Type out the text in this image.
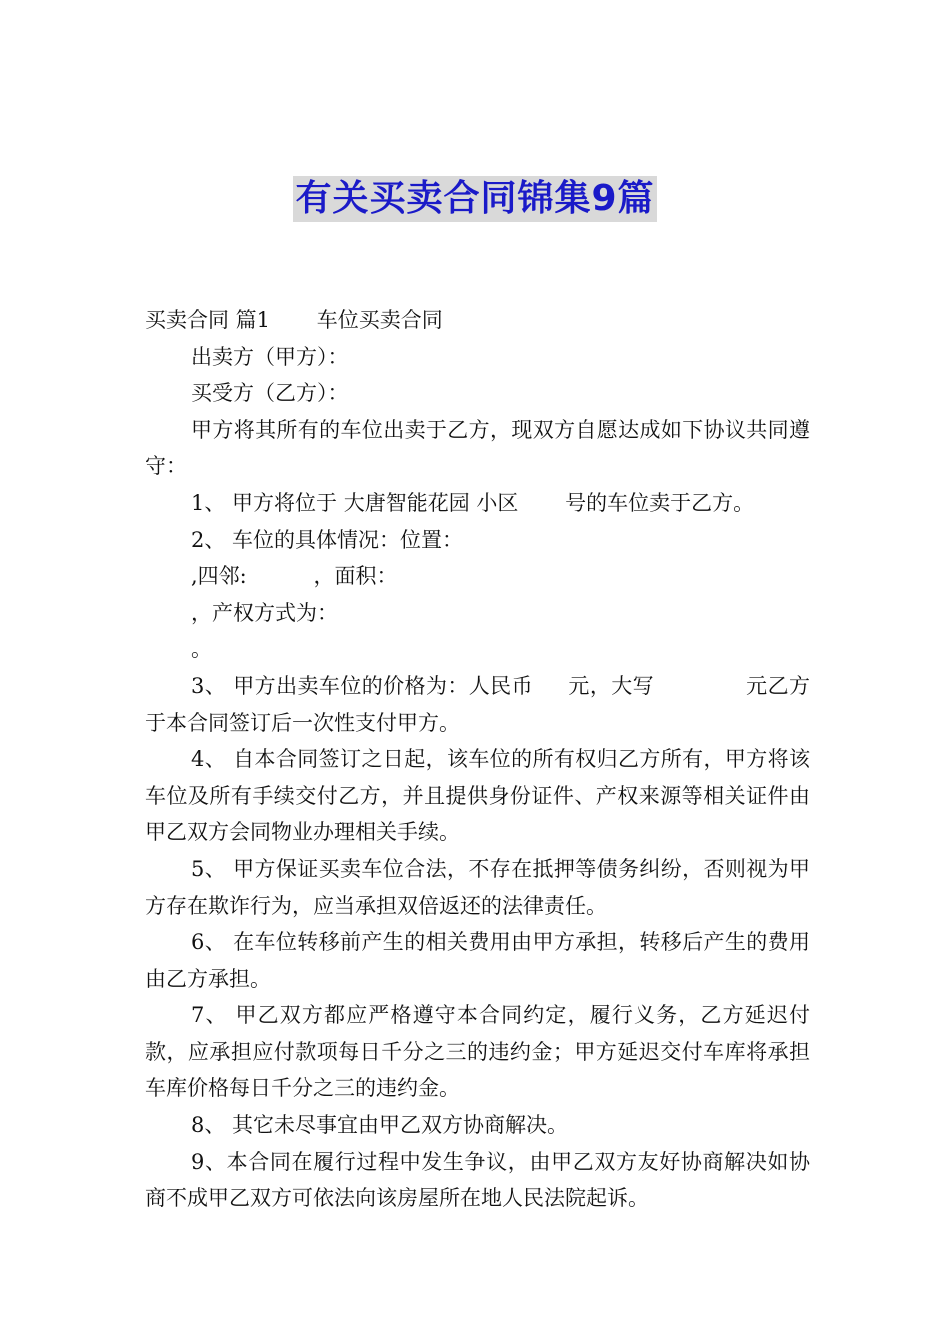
有关买卖合同锦集9篇

买卖合同 篇1       车位买卖合同

出卖方（甲方）：

买受方（乙方）：

甲方将其所有的车位出卖于乙方，现双方自愿达成如下协议共同遵守：

1、 甲方将位于 大唐智能花园 小区       号的车位卖于乙方。

2、 车位的具体情况：位置：

,四邻:          ，面积：

，产权方式为：

。

3、 甲方出卖车位的价格为：人民币     元，大写             元乙方于本合同签订后一次性支付甲方。

4、 自本合同签订之日起，该车位的所有权归乙方所有，甲方将该车位及所有手续交付乙方，并且提供身份证件、产权来源等相关证件由甲乙双方会同物业办理相关手续。

5、 甲方保证买卖车位合法，不存在抵押等债务纠纷，否则视为甲方存在欺诈行为，应当承担双倍返还的法律责任。

6、 在车位转移前产生的相关费用由甲方承担，转移后产生的费用由乙方承担。

7、 甲乙双方都应严格遵守本合同约定，履行义务，乙方延迟付款，应承担应付款项每日千分之三的违约金；甲方延迟交付车库将承担车库价格每日千分之三的违约金。

8、 其它未尽事宜由甲乙双方协商解决。

9、本合同在履行过程中发生争议，由甲乙双方友好协商解决如协商不成甲乙双方可依法向该房屋所在地人民法院起诉。
